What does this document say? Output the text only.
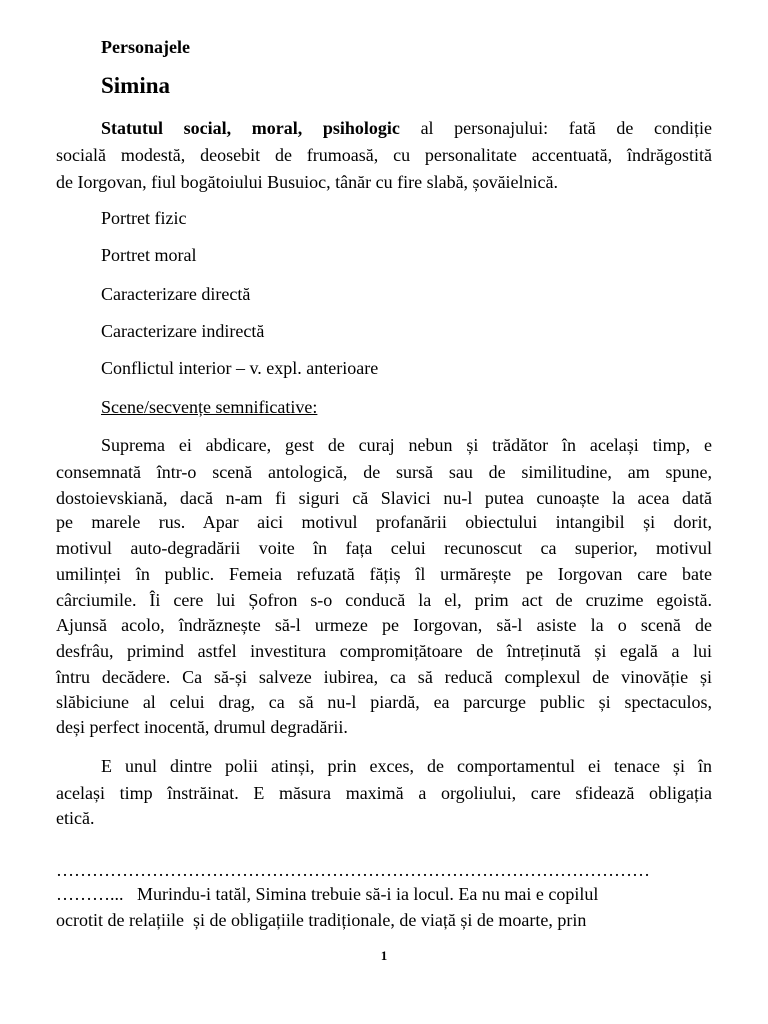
Personajele
Simina
Statutul social, moral, psihologic al personajului: fată de condiție
socială modestă, deosebit de frumoasă, cu personalitate accentuată, îndrăgostită
de Iorgovan, fiul bogătoiului Busuioc, tânăr cu fire slabă, șovăielnică.
Portret fizic
Portret moral
Caracterizare directă
Caracterizare indirectă
Conflictul interior – v. expl. anterioare
Scene/secvențe semnificative:
Suprema ei abdicare, gest de curaj nebun și trădător în același timp, e
consemnată într-o scenă antologică, de sursă sau de similitudine, am spune,
dostoievskiană, dacă n-am fi siguri că Slavici nu-l putea cunoaște la acea dată
pe marele rus. Apar aici motivul profanării obiectului intangibil și dorit,
motivul auto-degradării voite în fața celui recunoscut ca superior, motivul
umilinței în public. Femeia refuzată fățiș îl urmărește pe Iorgovan care bate
cârciumile. Îi cere lui Șofron s-o conducă la el, prim act de cruzime egoistă.
Ajunsă acolo, îndrăznește să-l urmeze pe Iorgovan, să-l asiste la o scenă de
desfrâu, primind astfel investitura compromițătoare de întreținută și egală a lui
întru decădere. Ca să-și salveze iubirea, ca să reducă complexul de vinovăție și
slăbiciune al celui drag, ca să nu-l piardă, ea parcurge public și spectaculos,
deși perfect inocentă, drumul degradării.
E unul dintre polii atinși, prin exces, de comportamentul ei tenace și în
același timp înstrăinat. E măsura maximă a orgoliului, care sfidează obligația
etică.
………………………………………………………………………………………
………...   Murindu-i tatăl, Simina trebuie să-i ia locul. Ea nu mai e copilul
ocrotit de relațiile  și de obligațiile tradiționale, de viață și de moarte, prin
1
